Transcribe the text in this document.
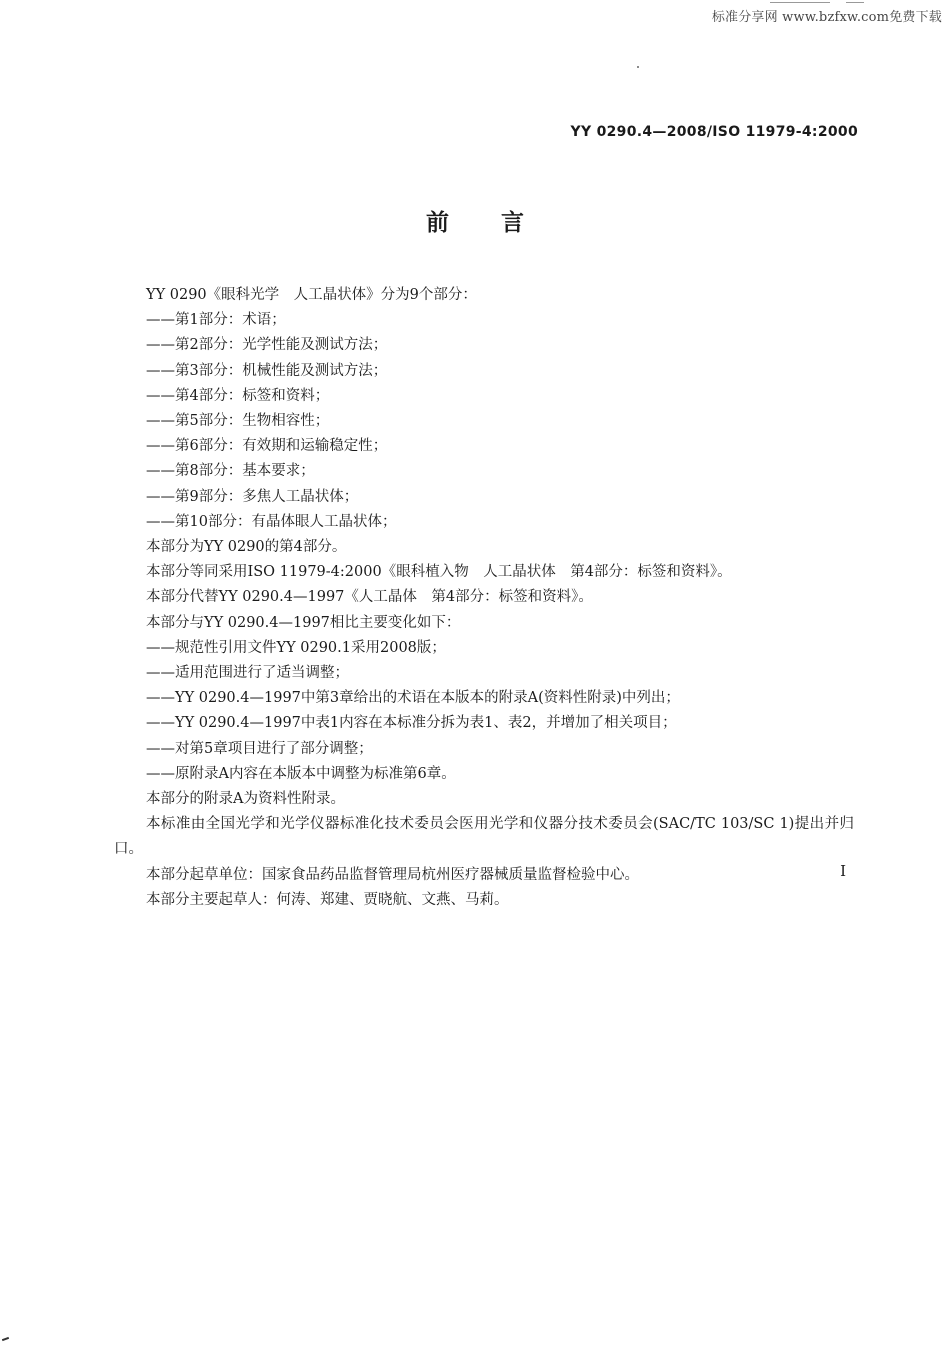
标准分享网 www.bzfxw.com免费下载
YY 0290.4—2008/ISO 11979-4:2000
前言

YY 0290《眼科光学　人工晶状体》分为9个部分：

——第1部分：术语；

——第2部分：光学性能及测试方法；

——第3部分：机械性能及测试方法；

——第4部分：标签和资料；

——第5部分：生物相容性；

——第6部分：有效期和运输稳定性；

——第8部分：基本要求；

——第9部分：多焦人工晶状体；

——第10部分：有晶体眼人工晶状体；

本部分为YY 0290的第4部分。

本部分等同采用ISO 11979-4:2000《眼科植入物　人工晶状体　第4部分：标签和资料》。

本部分代替YY 0290.4—1997《人工晶体　第4部分：标签和资料》。

本部分与YY 0290.4—1997相比主要变化如下：

——规范性引用文件YY 0290.1采用2008版；

——适用范围进行了适当调整；

——YY 0290.4—1997中第3章给出的术语在本版本的附录A(资料性附录)中列出；

——YY 0290.4—1997中表1内容在本标准分拆为表1、表2，并增加了相关项目；

——对第5章项目进行了部分调整；

——原附录A内容在本版本中调整为标准第6章。

本部分的附录A为资料性附录。

本标准由全国光学和光学仪器标准化技术委员会医用光学和仪器分技术委员会(SAC/TC 103/SC 1)提出并归口。

本部分起草单位：国家食品药品监督管理局杭州医疗器械质量监督检验中心。

本部分主要起草人：何涛、郑建、贾晓航、文燕、马莉。

I
